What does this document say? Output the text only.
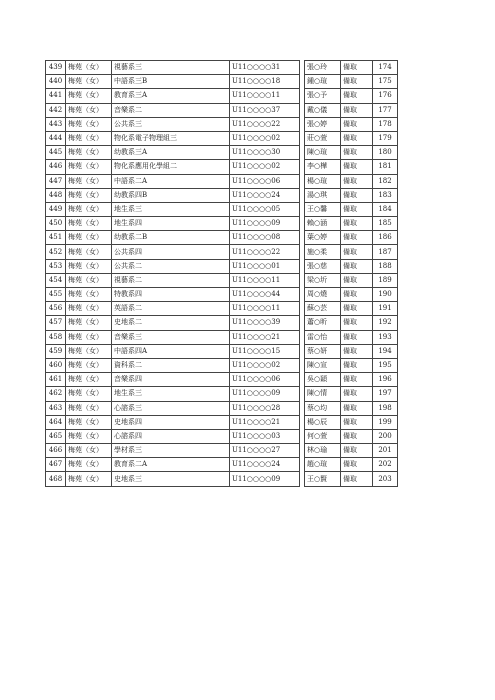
439	梅苑（女）	視藝系三	U11○○○○31		張○玲	備取	174
440	梅苑（女）	中語系三B	U11○○○○18		鍾○瑄	備取	175
441	梅苑（女）	教育系三A	U11○○○○11		張○予	備取	176
442	梅苑（女）	音樂系二	U11○○○○37		戴○儀	備取	177
443	梅苑（女）	公共系三	U11○○○○22		張○婷	備取	178
444	梅苑（女）	物化系電子物理組三	U11○○○○02		莊○萱	備取	179
445	梅苑（女）	幼教系三A	U11○○○○30		陳○瑄	備取	180
446	梅苑（女）	物化系應用化學組二	U11○○○○02		李○樺	備取	181
447	梅苑（女）	中語系二A	U11○○○○06		楊○瑄	備取	182
448	梅苑（女）	幼教系四B	U11○○○○24		湯○琪	備取	183
449	梅苑（女）	地生系三	U11○○○○05		王○馨	備取	184
450	梅苑（女）	地生系四	U11○○○○09		賴○涵	備取	185
451	梅苑（女）	幼教系二B	U11○○○○08		葉○婷	備取	186
452	梅苑（女）	公共系四	U11○○○○22		施○柔	備取	187
453	梅苑（女）	公共系二	U11○○○○01		張○慈	備取	188
454	梅苑（女）	視藝系二	U11○○○○11		梁○圻	備取	189
455	梅苑（女）	特教系四	U11○○○○44		周○燒	備取	190
456	梅苑（女）	英語系二	U11○○○○11		蘇○芸	備取	191
457	梅苑（女）	史地系二	U11○○○○39		蕭○昕	備取	192
458	梅苑（女）	音樂系三	U11○○○○21		雷○怡	備取	193
459	梅苑（女）	中語系四A	U11○○○○15		蔡○妍	備取	194
460	梅苑（女）	資科系二	U11○○○○02		陳○宣	備取	195
461	梅苑（女）	音樂系四	U11○○○○06		吳○穎	備取	196
462	梅苑（女）	地生系三	U11○○○○09		陳○情	備取	197
463	梅苑（女）	心諮系三	U11○○○○28		蔡○均	備取	198
464	梅苑（女）	史地系四	U11○○○○21		楊○辰	備取	199
465	梅苑（女）	心諮系四	U11○○○○03		何○萱	備取	200
466	梅苑（女）	學材系三	U11○○○○27		林○瑜	備取	201
467	梅苑（女）	教育系二A	U11○○○○24		趙○瑄	備取	202
468	梅苑（女）	史地系三	U11○○○○09		王○賢	備取	203
